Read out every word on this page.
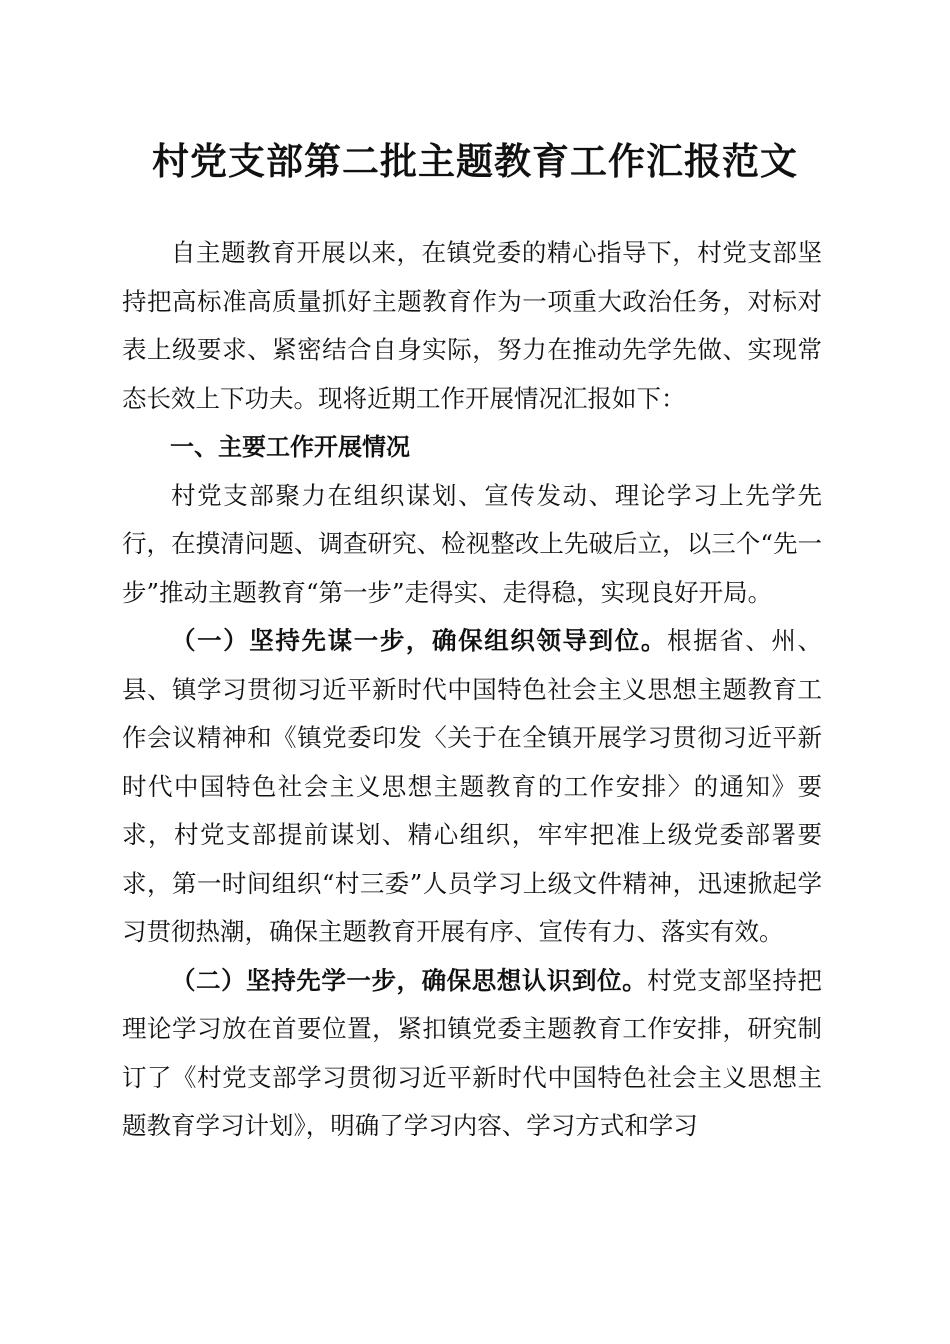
村党支部第二批主题教育工作汇报范文

自主题教育开展以来，在镇党委的精心指导下，村党支部坚持把高标准高质量抓好主题教育作为一项重大政治任务，对标对表上级要求、紧密结合自身实际，努力在推动先学先做、实现常态长效上下功夫。现将近期工作开展情况汇报如下：

一、主要工作开展情况

村党支部聚力在组织谋划、宣传发动、理论学习上先学先行，在摸清问题、调查研究、检视整改上先破后立，以三个“先一步”推动主题教育“第一步”走得实、走得稳，实现良好开局。

（一）坚持先谋一步，确保组织领导到位。根据省、州、县、镇学习贯彻习近平新时代中国特色社会主义思想主题教育工作会议精神和《镇党委印发〈关于在全镇开展学习贯彻习近平新时代中国特色社会主义思想主题教育的工作安排〉的通知》要求，村党支部提前谋划、精心组织，牢牢把准上级党委部署要求，第一时间组织“村三委”人员学习上级文件精神，迅速掀起学习贯彻热潮，确保主题教育开展有序、宣传有力、落实有效。

（二）坚持先学一步，确保思想认识到位。村党支部坚持把理论学习放在首要位置，紧扣镇党委主题教育工作安排，研究制订了《村党支部学习贯彻习近平新时代中国特色社会主义思想主题教育学习计划》，明确了学习内容、学习方式和学习
